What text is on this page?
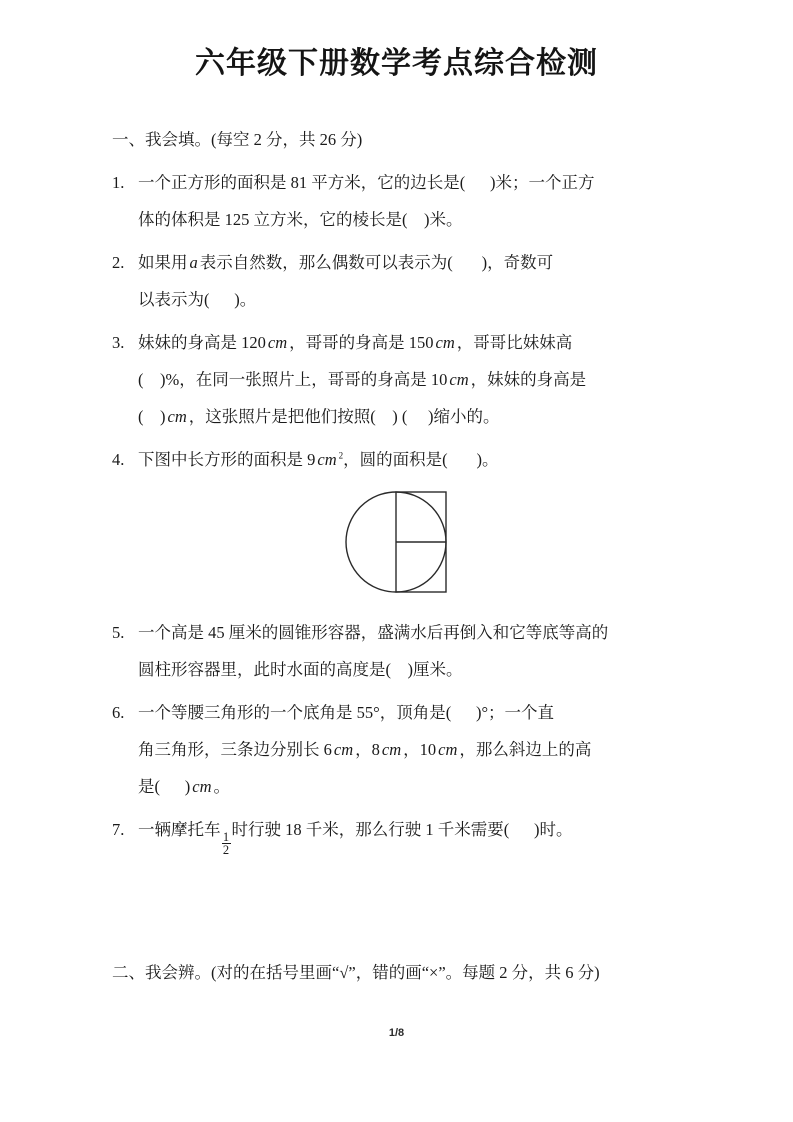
六年级下册数学考点综合检测
一、我会填。(每空 2 分，共 26 分)
1. 一个正方形的面积是 81 平方米，它的边长是( )米；一个正方
体的体积是 125 立方米，它的棱长是( )米。
2. 如果用 a 表示自然数，那么偶数可以表示为( )，奇数可
以表示为( )。
3. 妹妹的身高是 120 cm ，哥哥的身高是 150 cm ，哥哥比妹妹高
( )%，在同一张照片上，哥哥的身高是 10 cm ，妹妹的身高是
( ) cm ，这张照片是把他们按照( ) ( )缩小的。
4. 下图中长方形的面积是 9 cm $^2$，圆的面积是( )。
5. 一个高是 45 厘米的圆锥形容器，盛满水后再倒入和它等底等高的
圆柱形容器里，此时水面的高度是( )厘米。
6. 一个等腰三角形的一个底角是 55°，顶角是( )°；一个直
角三角形，三条边分别长 6 cm ，8 cm ，10 cm ，那么斜边上的高
是( ) cm 。
7. 一辆摩托车
$\frac{1}{2}$
时行驶 18 千米，那么行驶 1 千米需要( )时。
二、我会辨。(对的在括号里画“√”，错的画“×”。每题 2 分，共 6 分)
1/8
